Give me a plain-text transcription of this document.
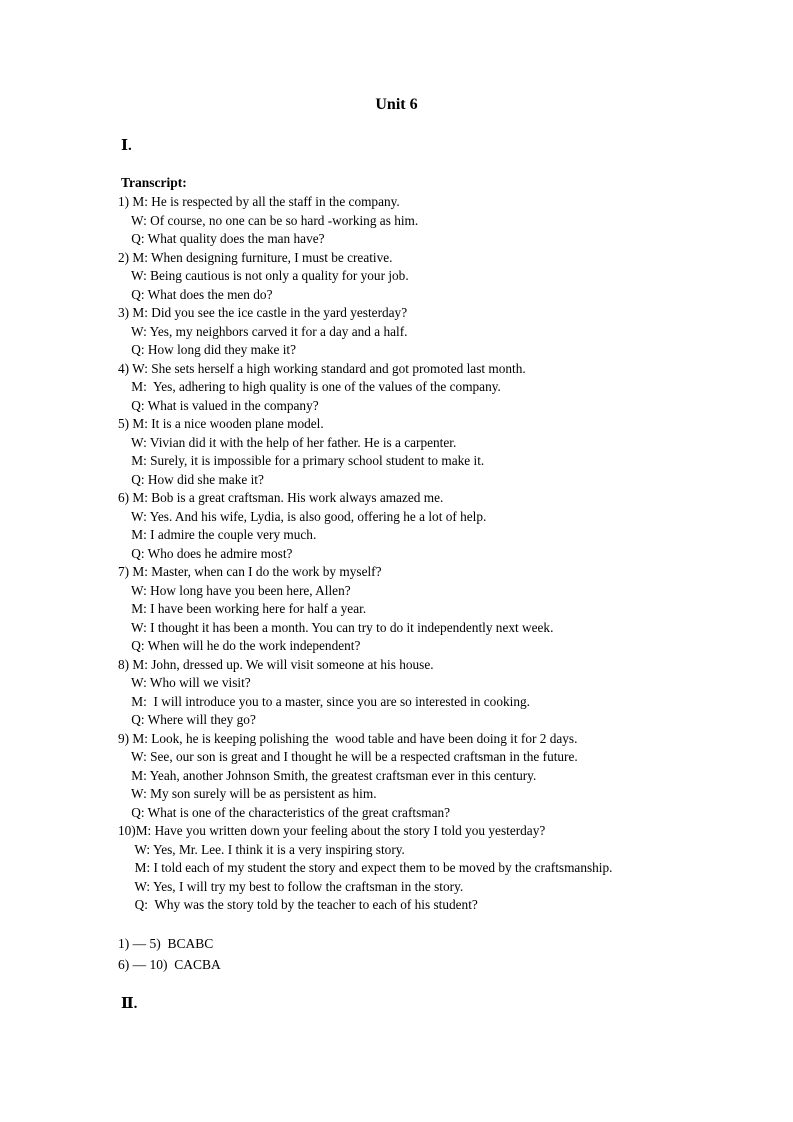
Unit 6
Ⅰ.
Transcript:
1) M: He is respected by all the staff in the company.
W: Of course, no one can be so hard -working as him.
Q: What quality does the man have?
2) M: When designing furniture, I must be creative.
W: Being cautious is not only a quality for your job.
Q: What does the men do?
3) M: Did you see the ice castle in the yard yesterday?
W: Yes, my neighbors carved it for a day and a half.
Q: How long did they make it?
4) W: She sets herself a high working standard and got promoted last month.
M:  Yes, adhering to high quality is one of the values of the company.
Q: What is valued in the company?
5) M: It is a nice wooden plane model.
W: Vivian did it with the help of her father. He is a carpenter.
M: Surely, it is impossible for a primary school student to make it.
Q: How did she make it?
6) M: Bob is a great craftsman. His work always amazed me.
W: Yes. And his wife, Lydia, is also good, offering he a lot of help.
M: I admire the couple very much.
Q: Who does he admire most?
7) M: Master, when can I do the work by myself?
W: How long have you been here, Allen?
M: I have been working here for half a year.
W: I thought it has been a month. You can try to do it independently next week.
Q: When will he do the work independent?
8) M: John, dressed up. We will visit someone at his house.
W: Who will we visit?
M:  I will introduce you to a master, since you are so interested in cooking.
Q: Where will they go?
9) M: Look, he is keeping polishing the  wood table and have been doing it for 2 days.
W: See, our son is great and I thought he will be a respected craftsman in the future.
M: Yeah, another Johnson Smith, the greatest craftsman ever in this century.
W: My son surely will be as persistent as him.
Q: What is one of the characteristics of the great craftsman?
10)M: Have you written down your feeling about the story I told you yesterday?
W: Yes, Mr. Lee. I think it is a very inspiring story.
M: I told each of my student the story and expect them to be moved by the craftsmanship.
W: Yes, I will try my best to follow the craftsman in the story.
Q:  Why was the story told by the teacher to each of his student?
1) — 5)  BCABC
6) — 10)  CACBA
Ⅱ.
